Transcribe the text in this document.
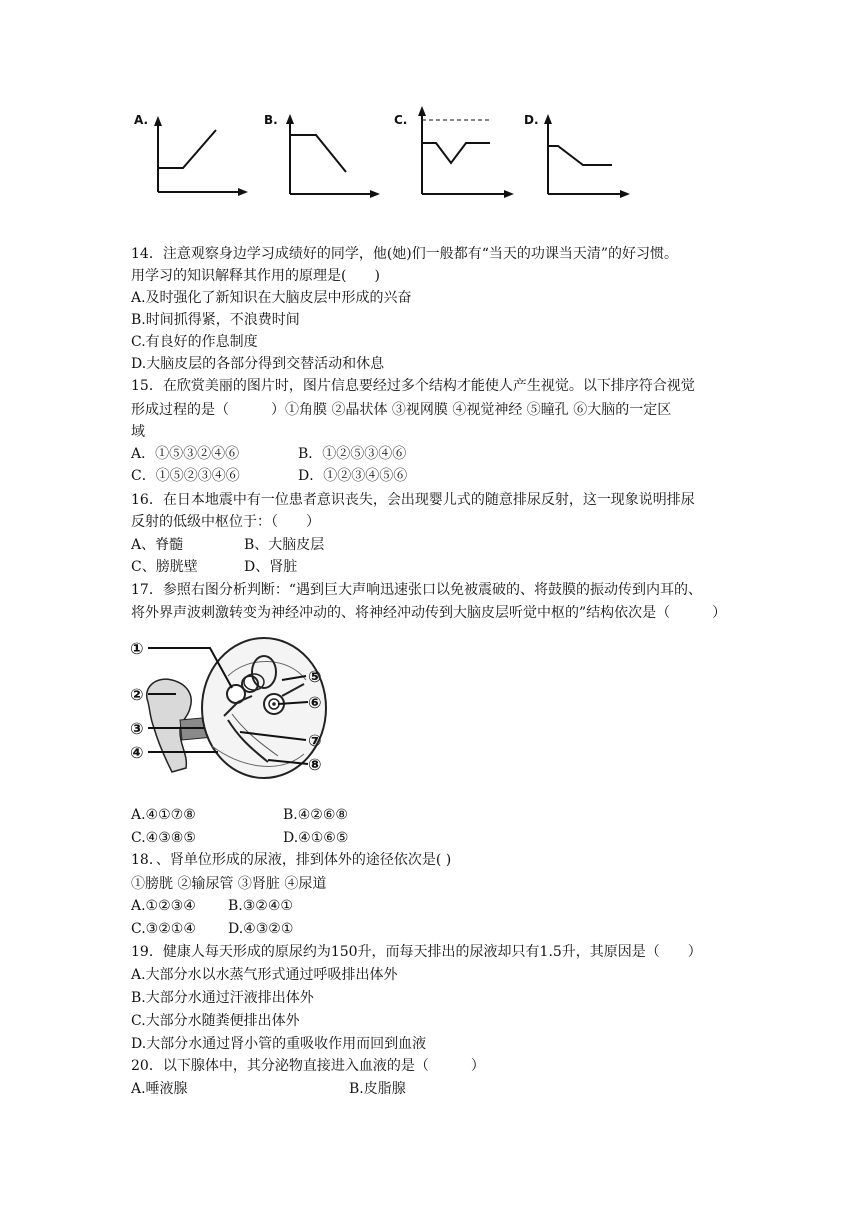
A.	B.	C.	D.
14．注意观察身边学习成绩好的同学，他(她)们一般都有“当天的功课当天清”的好习惯。
用学习的知识解释其作用的原理是(　　)
A.及时强化了新知识在大脑皮层中形成的兴奋
B.时间抓得紧，不浪费时间
C.有良好的作息制度
D.大脑皮层的各部分得到交替活动和休息
15．在欣赏美丽的图片时，图片信息要经过多个结构才能使人产生视觉。以下排序符合视觉
形成过程的是（　　　）①角膜 ②晶状体 ③视网膜 ④视觉神经 ⑤瞳孔 ⑥大脑的一定区
域
A．①⑤③②④⑥	B．①②⑤③④⑥
C．①⑤②③④⑥	D．①②③④⑤⑥
16．在日本地震中有一位患者意识丧失，会出现婴儿式的随意排尿反射，这一现象说明排尿
反射的低级中枢位于：（　　）
A、脊髓	B、大脑皮层
C、膀胱壁	D、肾脏
17．参照右图分析判断：“遇到巨大声响迅速张口以免被震破的、将鼓膜的振动传到内耳的、
将外界声波刺激转变为神经冲动的、将神经冲动传到大脑皮层听觉中枢的”结构依次是（　　　）
①
②
③
④
⑤
⑥
⑦
⑧
A.④①⑦⑧	B.④②⑥⑧
C.④③⑧⑤	D.④①⑥⑤
18．、肾单位形成的尿液，排到体外的途径依次是( )
①膀胱 ②输尿管 ③肾脏 ④尿道
A.①②③④ B.③②④①
C.③②①④ D.④③②①
19．健康人每天形成的原尿约为150升，而每天排出的尿液却只有1.5升，其原因是（　　）
A.大部分水以水蒸气形式通过呼吸排出体外
B.大部分水通过汗液排出体外
C.大部分水随粪便排出体外
D.大部分水通过肾小管的重吸收作用而回到血液
20．以下腺体中，其分泌物直接进入血液的是（　　　）
A.唾液腺	B.皮脂腺
